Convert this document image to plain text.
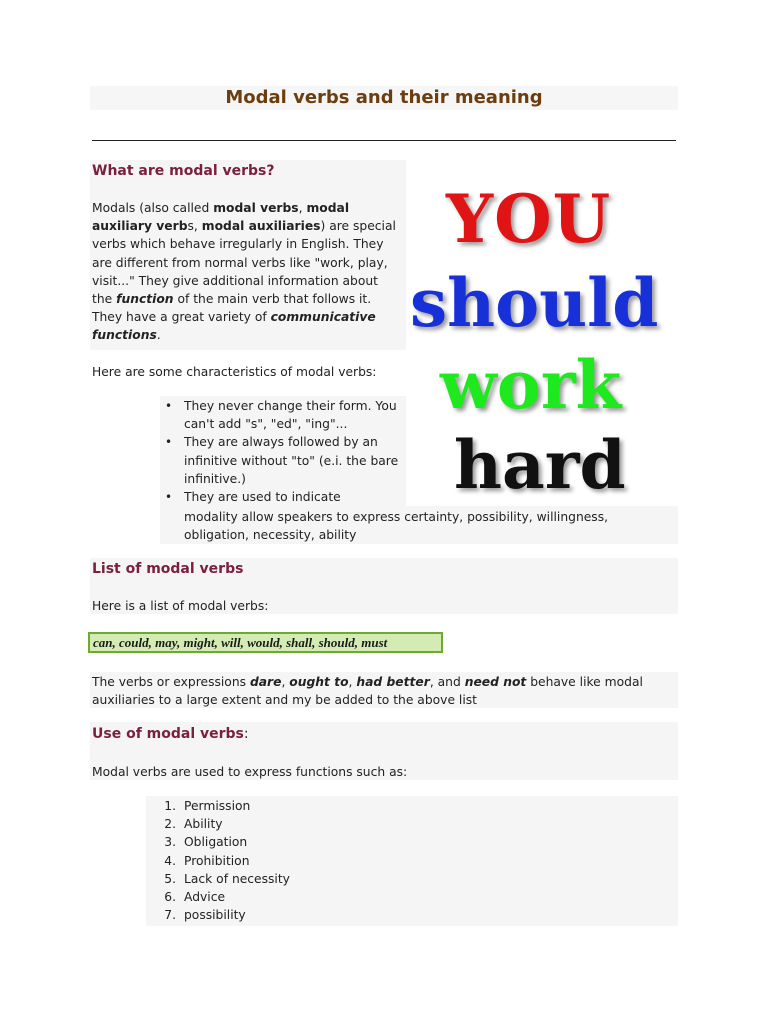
Modal verbs and their meaning
What are modal verbs?

Modals (also called modal verbs, modal auxiliary verbs, modal auxiliaries) are special verbs which behave irregularly in English. They are different from normal verbs like "work, play, visit..." They give additional information about the function of the main verb that follows it. They have a great variety of communicative functions.

Here are some characteristics of modal verbs:

• They never change their form. You can't add "s", "ed", "ing"...
• They are always followed by an infinitive without "to" (e.i. the bare infinitive.)
• They are used to indicate
modality allow speakers to express certainty, possibility, willingness, obligation, necessity, ability
YOU
should
work
hard
List of modal verbs

Here is a list of modal verbs:

can, could, may, might, will, would, shall, should, must

The verbs or expressions dare, ought to, had better, and need not behave like modal auxiliaries to a large extent and my be added to the above list

Use of modal verbs:

Modal verbs are used to express functions such as:

1. Permission
2. Ability
3. Obligation
4. Prohibition
5. Lack of necessity
6. Advice
7. possibility
